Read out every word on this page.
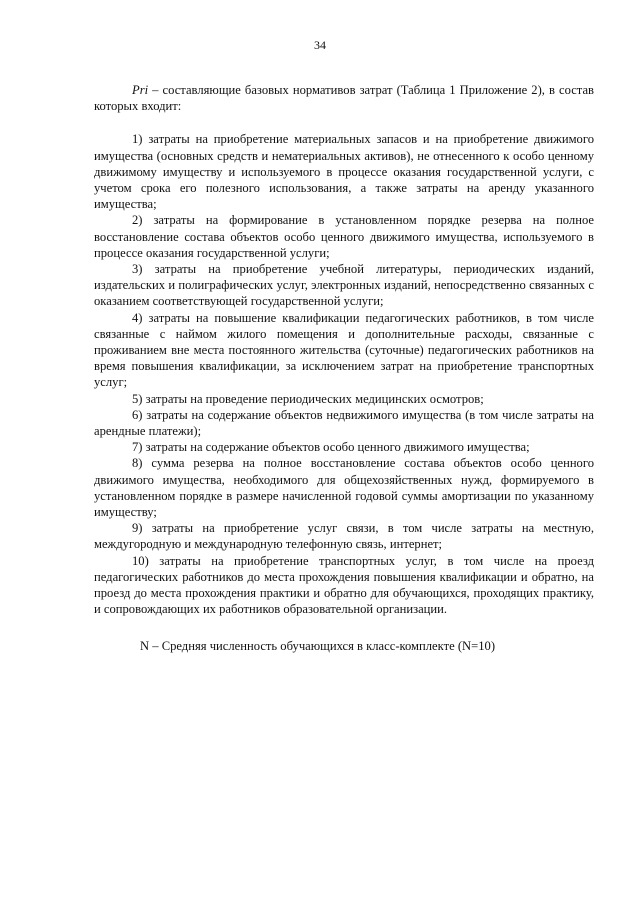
34

Pri – составляющие базовых нормативов затрат (Таблица 1 Приложение 2), в состав которых входит:

1) затраты на приобретение материальных запасов и на приобретение движимого имущества (основных средств и нематериальных активов), не отнесенного к особо ценному движимому имуществу и используемого в процессе оказания государственной услуги, с учетом срока его полезного использования, а также затраты на аренду указанного имущества;

2) затраты на формирование в установленном порядке резерва на полное восстановление состава объектов особо ценного движимого имущества, используемого в процессе оказания государственной услуги;

3) затраты на приобретение учебной литературы, периодических изданий, издательских и полиграфических услуг, электронных изданий, непосредственно связанных с оказанием соответствующей государственной услуги;

4) затраты на повышение квалификации педагогических работников, в том числе связанные с наймом жилого помещения и дополнительные расходы, связанные с проживанием вне места постоянного жительства (суточные) педагогических работников на время повышения квалификации, за исключением затрат на приобретение транспортных услуг;

5) затраты на проведение периодических медицинских осмотров;

6) затраты на содержание объектов недвижимого имущества (в том числе затраты на арендные платежи);

7) затраты на содержание объектов особо ценного движимого имущества;

8) сумма резерва на полное восстановление состава объектов особо ценного движимого имущества, необходимого для общехозяйственных нужд, формируемого в установленном порядке в размере начисленной годовой суммы амортизации по указанному имуществу;

9) затраты на приобретение услуг связи, в том числе затраты на местную, междугородную и международную телефонную связь, интернет;

10) затраты на приобретение транспортных услуг, в том числе на проезд педагогических работников до места прохождения повышения квалификации и обратно, на проезд до места прохождения практики и обратно для обучающихся, проходящих практику, и сопровождающих их работников образовательной организации.

N – Средняя численность обучающихся в класс-комплекте (N=10)
